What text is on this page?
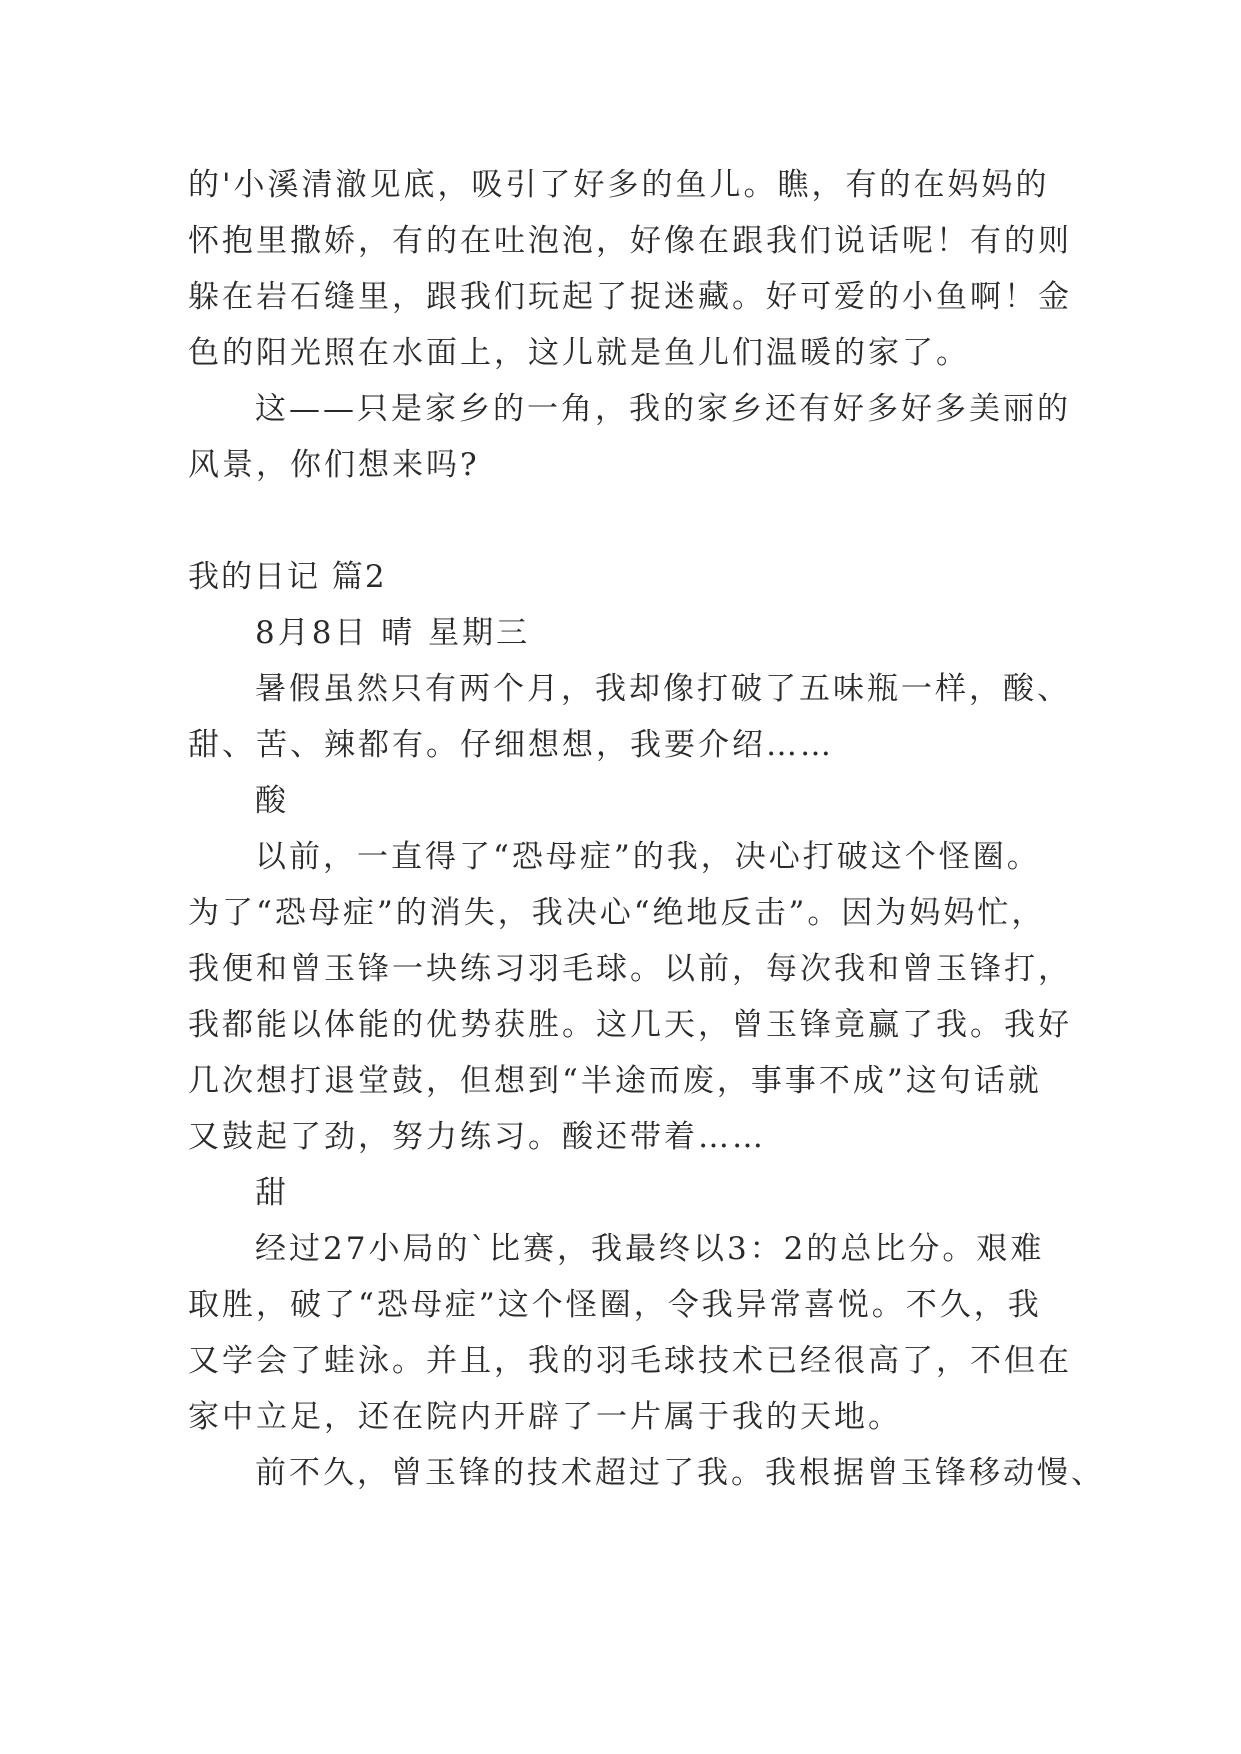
的'小溪清澈见底，吸引了好多的鱼儿。瞧，有的在妈妈的
怀抱里撒娇，有的在吐泡泡，好像在跟我们说话呢！有的则
躲在岩石缝里，跟我们玩起了捉迷藏。好可爱的小鱼啊！金
色的阳光照在水面上，这儿就是鱼儿们温暖的家了。
这——只是家乡的一角，我的家乡还有好多好多美丽的
风景，你们想来吗?
我的日记 篇2
8月8日 晴 星期三
暑假虽然只有两个月，我却像打破了五味瓶一样，酸、
甜、苦、辣都有。仔细想想，我要介绍……
酸
以前，一直得了“恐母症”的我，决心打破这个怪圈。
为了“恐母症”的消失，我决心“绝地反击”。因为妈妈忙，
我便和曾玉锋一块练习羽毛球。以前，每次我和曾玉锋打，
我都能以体能的优势获胜。这几天，曾玉锋竟赢了我。我好
几次想打退堂鼓，但想到“半途而废，事事不成”这句话就
又鼓起了劲，努力练习。酸还带着……
甜
经过27小局的`比赛，我最终以3：2的总比分。艰难
取胜，破了“恐母症”这个怪圈，令我异常喜悦。不久，我
又学会了蛙泳。并且，我的羽毛球技术已经很高了，不但在
家中立足，还在院内开辟了一片属于我的天地。
前不久，曾玉锋的技术超过了我。我根据曾玉锋移动慢、
